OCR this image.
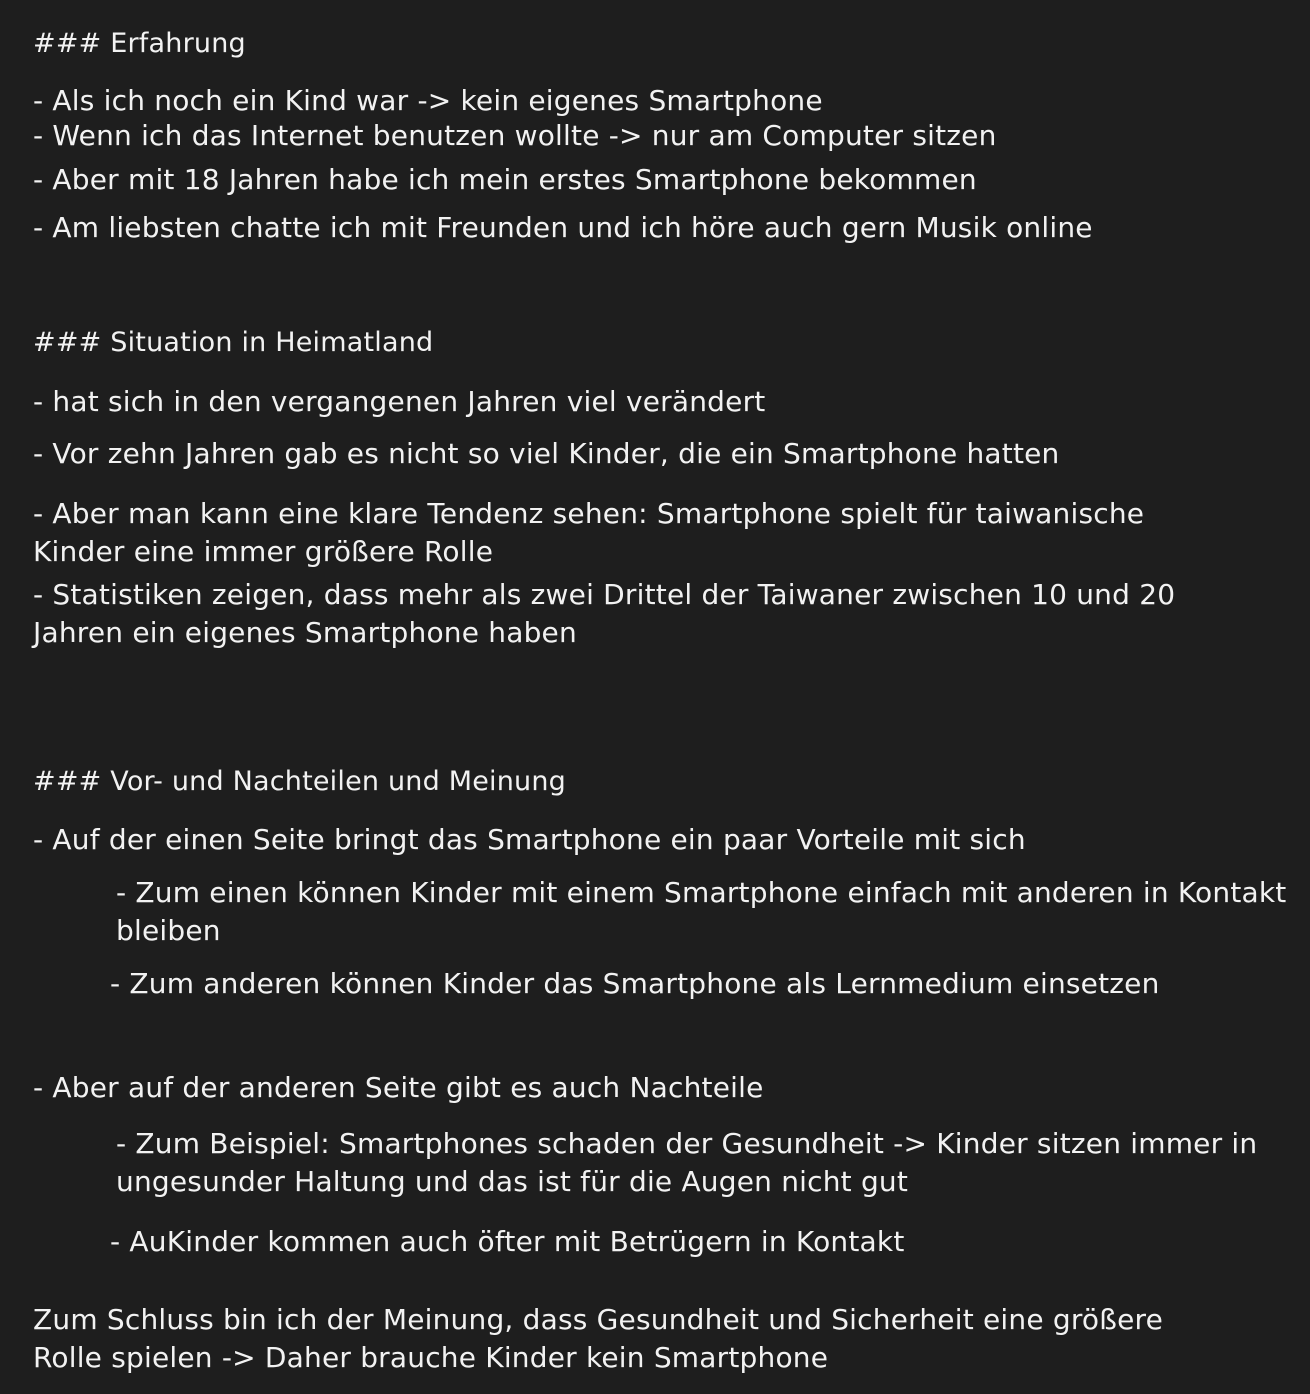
### Erfahrung
- Als ich noch ein Kind war -> kein eigenes Smartphone
- Wenn ich das Internet benutzen wollte -> nur am Computer sitzen
- Aber mit 18 Jahren habe ich mein erstes Smartphone bekommen
- Am liebsten chatte ich mit Freunden und ich höre auch gern Musik online
### Situation in Heimatland
- hat sich in den vergangenen Jahren viel verändert
- Vor zehn Jahren gab es nicht so viel Kinder, die ein Smartphone hatten
- Aber man kann eine klare Tendenz sehen: Smartphone spielt für taiwanische
Kinder eine immer größere Rolle
- Statistiken zeigen, dass mehr als zwei Drittel der Taiwaner zwischen 10 und 20
Jahren ein eigenes Smartphone haben
### Vor- und Nachteilen und Meinung
- Auf der einen Seite bringt das Smartphone ein paar Vorteile mit sich
- Zum einen können Kinder mit einem Smartphone einfach mit anderen in Kontakt
bleiben
- Zum anderen können Kinder das Smartphone als Lernmedium einsetzen
- Aber auf der anderen Seite gibt es auch Nachteile
- Zum Beispiel: Smartphones schaden der Gesundheit -> Kinder sitzen immer in
ungesunder Haltung und das ist für die Augen nicht gut
- AuKinder kommen auch öfter mit Betrügern in Kontakt
Zum Schluss bin ich der Meinung, dass Gesundheit und Sicherheit eine größere
Rolle spielen -> Daher brauche Kinder kein Smartphone
